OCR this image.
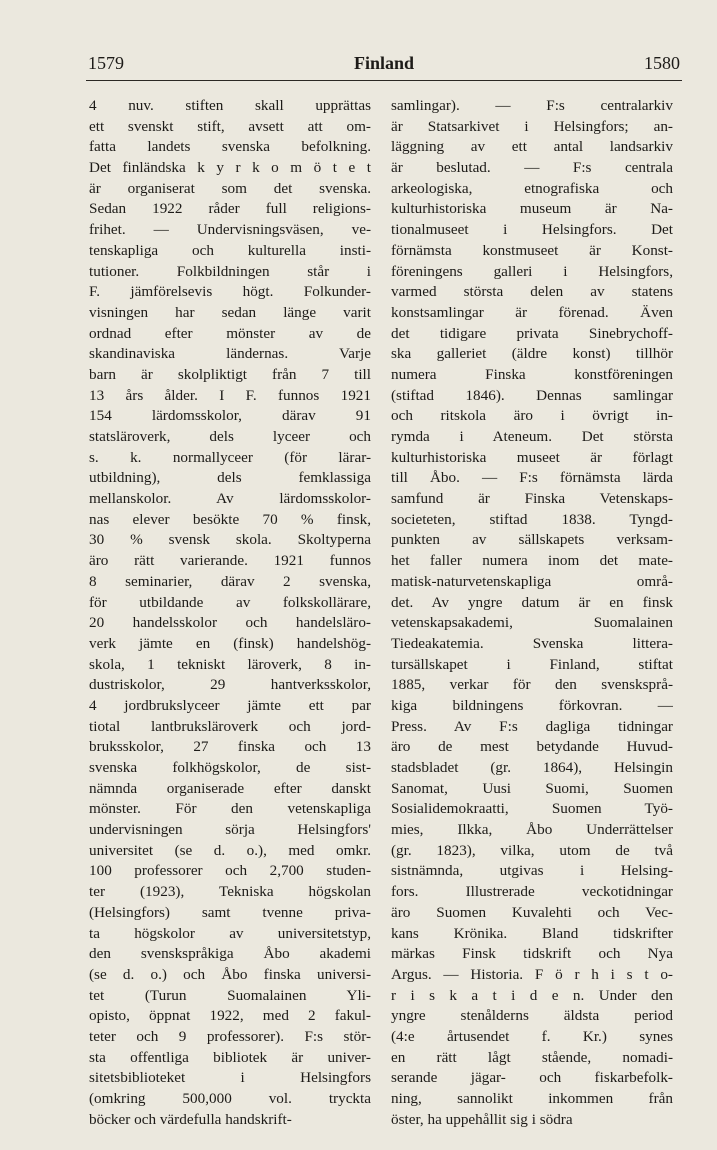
1579	Finland	1580
4 nuv. stiften skall upprättas
ett svenskt stift, avsett att om-
fatta landets svenska befolkning.
Det finländska k y r k o m ö t e t
är organiserat som det svenska.
Sedan 1922 råder full religions-
frihet. — Undervisningsväsen, ve-
tenskapliga och kulturella insti-
tutioner. Folkbildningen står i
F. jämförelsevis högt. Folkunder-
visningen har sedan länge varit
ordnad efter mönster av de
skandinaviska ländernas. Varje
barn är skolpliktigt från 7 till
13 års ålder. I F. funnos 1921
154 lärdomsskolor, därav 91
statsläroverk, dels lyceer och
s. k. normallyceer (för lärar-
utbildning), dels femklassiga
mellanskolor. Av lärdomsskolor-
nas elever besökte 70 % finsk,
30 % svensk skola. Skoltyperna
äro rätt varierande. 1921 funnos
8 seminarier, därav 2 svenska,
för utbildande av folkskollärare,
20 handelsskolor och handelsläro-
verk jämte en (finsk) handelshög-
skola, 1 tekniskt läroverk, 8 in-
dustriskolor, 29 hantverksskolor,
4 jordbrukslyceer jämte ett par
tiotal lantbruksläroverk och jord-
bruksskolor, 27 finska och 13
svenska folkhögskolor, de sist-
nämnda organiserade efter danskt
mönster. För den vetenskapliga
undervisningen sörja Helsingfors'
universitet (se d. o.), med omkr.
100 professorer och 2,700 studen-
ter (1923), Tekniska högskolan
(Helsingfors) samt tvenne priva-
ta högskolor av universitetstyp,
den svenskspråkiga Åbo akademi
(se d. o.) och Åbo finska universi-
tet (Turun Suomalainen Yli-
opisto, öppnat 1922, med 2 fakul-
teter och 9 professorer). F:s stör-
sta offentliga bibliotek är univer-
sitetsbiblioteket i Helsingfors
(omkring 500,000 vol. tryckta
böcker och värdefulla handskrift-
samlingar). — F:s centralarkiv
är Statsarkivet i Helsingfors; an-
läggning av ett antal landsarkiv
är beslutad. — F:s centrala
arkeologiska, etnografiska och
kulturhistoriska museum är Na-
tionalmuseet i Helsingfors. Det
förnämsta konstmuseet är Konst-
föreningens galleri i Helsingfors,
varmed största delen av statens
konstsamlingar är förenad. Även
det tidigare privata Sinebrychoff-
ska galleriet (äldre konst) tillhör
numera Finska konstföreningen
(stiftad 1846). Dennas samlingar
och ritskola äro i övrigt in-
rymda i Ateneum. Det största
kulturhistoriska museet är förlagt
till Åbo. — F:s förnämsta lärda
samfund är Finska Vetenskaps-
societeten, stiftad 1838. Tyngd-
punkten av sällskapets verksam-
het faller numera inom det mate-
matisk-naturvetenskapliga områ-
det. Av yngre datum är en finsk
vetenskapsakademi, Suomalainen
Tiedeakatemia. Svenska littera-
tursällskapet i Finland, stiftat
1885, verkar för den svensksprå-
kiga bildningens förkovran. —
Press. Av F:s dagliga tidningar
äro de mest betydande Huvud-
stadsbladet (gr. 1864), Helsingin
Sanomat, Uusi Suomi, Suomen
Sosialidemokraatti, Suomen Työ-
mies, Ilkka, Åbo Underrättelser
(gr. 1823), vilka, utom de två
sistnämnda, utgivas i Helsing-
fors. Illustrerade veckotidningar
äro Suomen Kuvalehti och Vec-
kans Krönika. Bland tidskrifter
märkas Finsk tidskrift och Nya
Argus. — Historia. F ö r h i s t o-
r i s k a t i d e n. Under den
yngre stenålderns äldsta period
(4:e årtusendet f. Kr.) synes
en rätt lågt stående, nomadi-
serande jägar- och fiskarbefolk-
ning, sannolikt inkommen från
öster, ha uppehållit sig i södra
